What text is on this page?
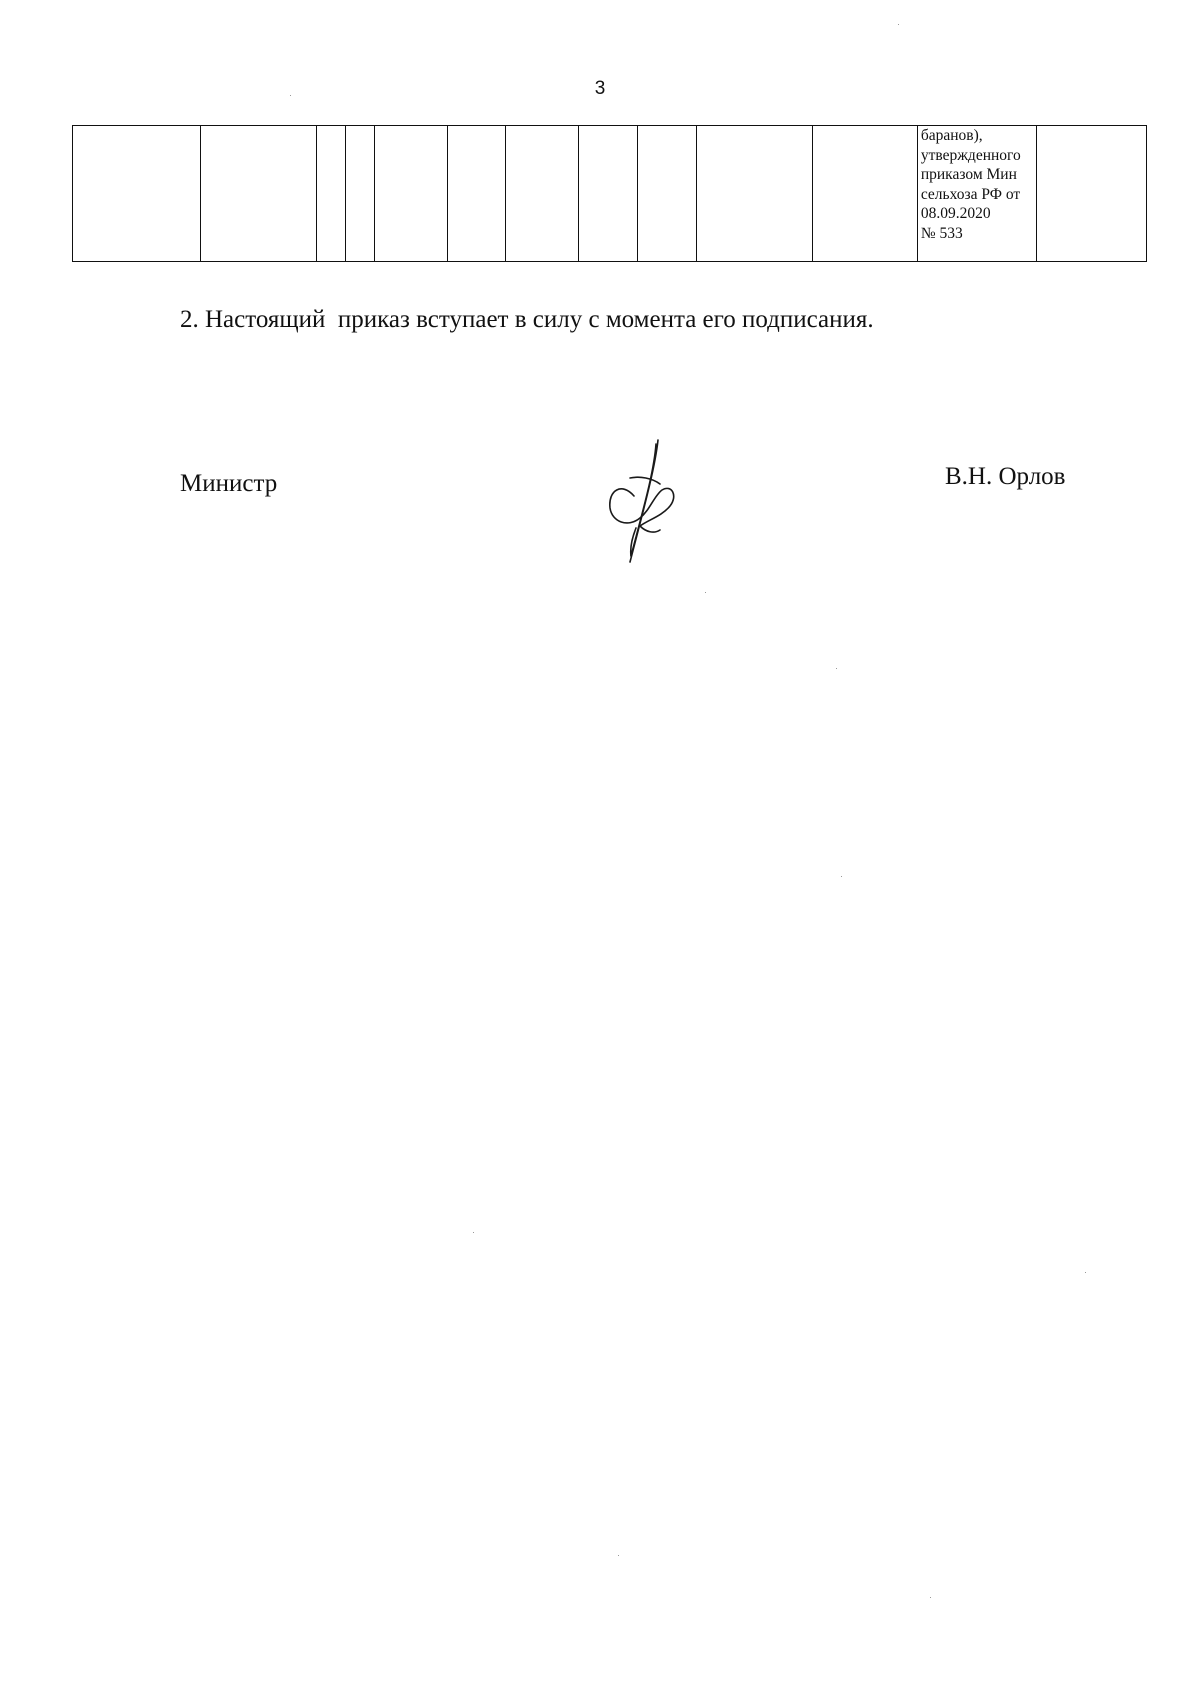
3
											баранов),
утвержденного
приказом Мин
сельхоза РФ от
08.09.2020
№ 533	
2. Настоящий  приказ вступает в силу с момента его подписания.
Министр	В.Н. Орлов
